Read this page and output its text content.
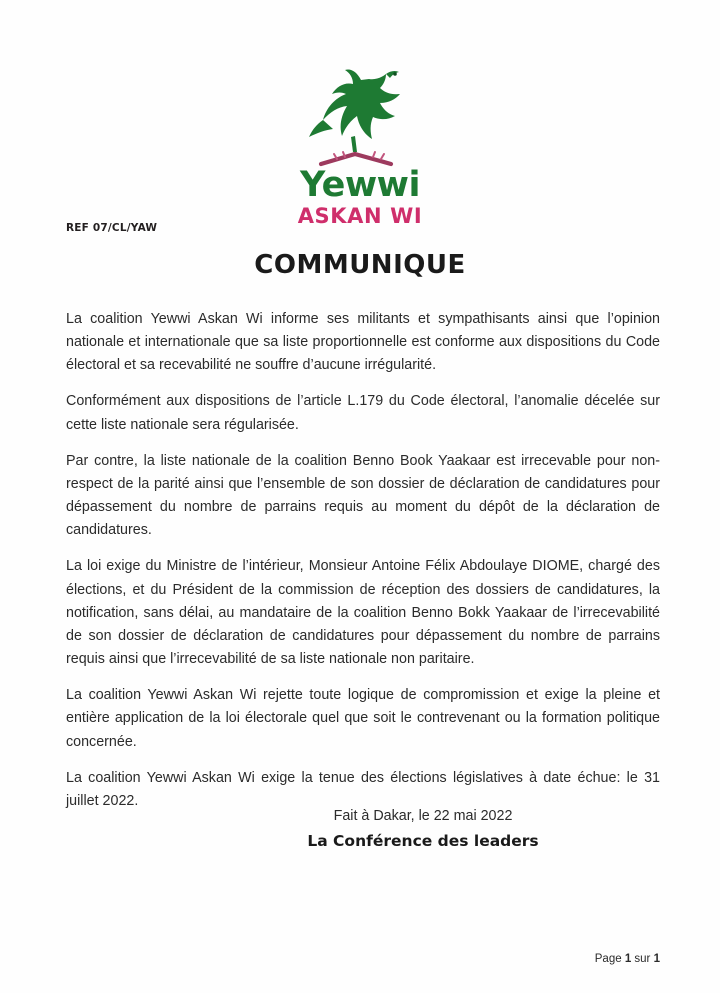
Yewwi
ASKAN WI
REF 07/CL/YAW
COMMUNIQUE

La coalition Yewwi Askan Wi informe ses militants et sympathisants ainsi que l’opinion nationale et internationale que sa liste proportionnelle est conforme aux dispositions du Code électoral et sa recevabilité ne souffre d’aucune irrégularité.

Conformément aux dispositions de l’article L.179 du Code électoral, l’anomalie décelée sur cette liste nationale sera régularisée.

Par contre, la liste nationale de la coalition Benno Book Yaakaar est irrecevable pour non-respect de la parité ainsi que l’ensemble de son dossier de déclaration de candidatures pour dépassement du nombre de parrains requis au moment du dépôt de la déclaration de candidatures.

La loi exige du Ministre de l’intérieur, Monsieur Antoine Félix Abdoulaye DIOME, chargé des élections, et du Président de la commission de réception des dossiers de candidatures, la notification, sans délai, au mandataire de la coalition Benno Bokk Yaakaar de l’irrecevabilité de son dossier de déclaration de candidatures pour dépassement du nombre de parrains requis ainsi que l’irrecevabilité de sa liste nationale non paritaire.

La coalition Yewwi Askan Wi rejette toute logique de compromission et exige la pleine et entière application de la loi électorale quel que soit le contrevenant ou la formation politique concernée.

La coalition Yewwi Askan Wi exige la tenue des élections législatives à date échue: le 31 juillet 2022.

Fait à Dakar, le 22 mai 2022
La Conférence des leaders
Page 1 sur 1
